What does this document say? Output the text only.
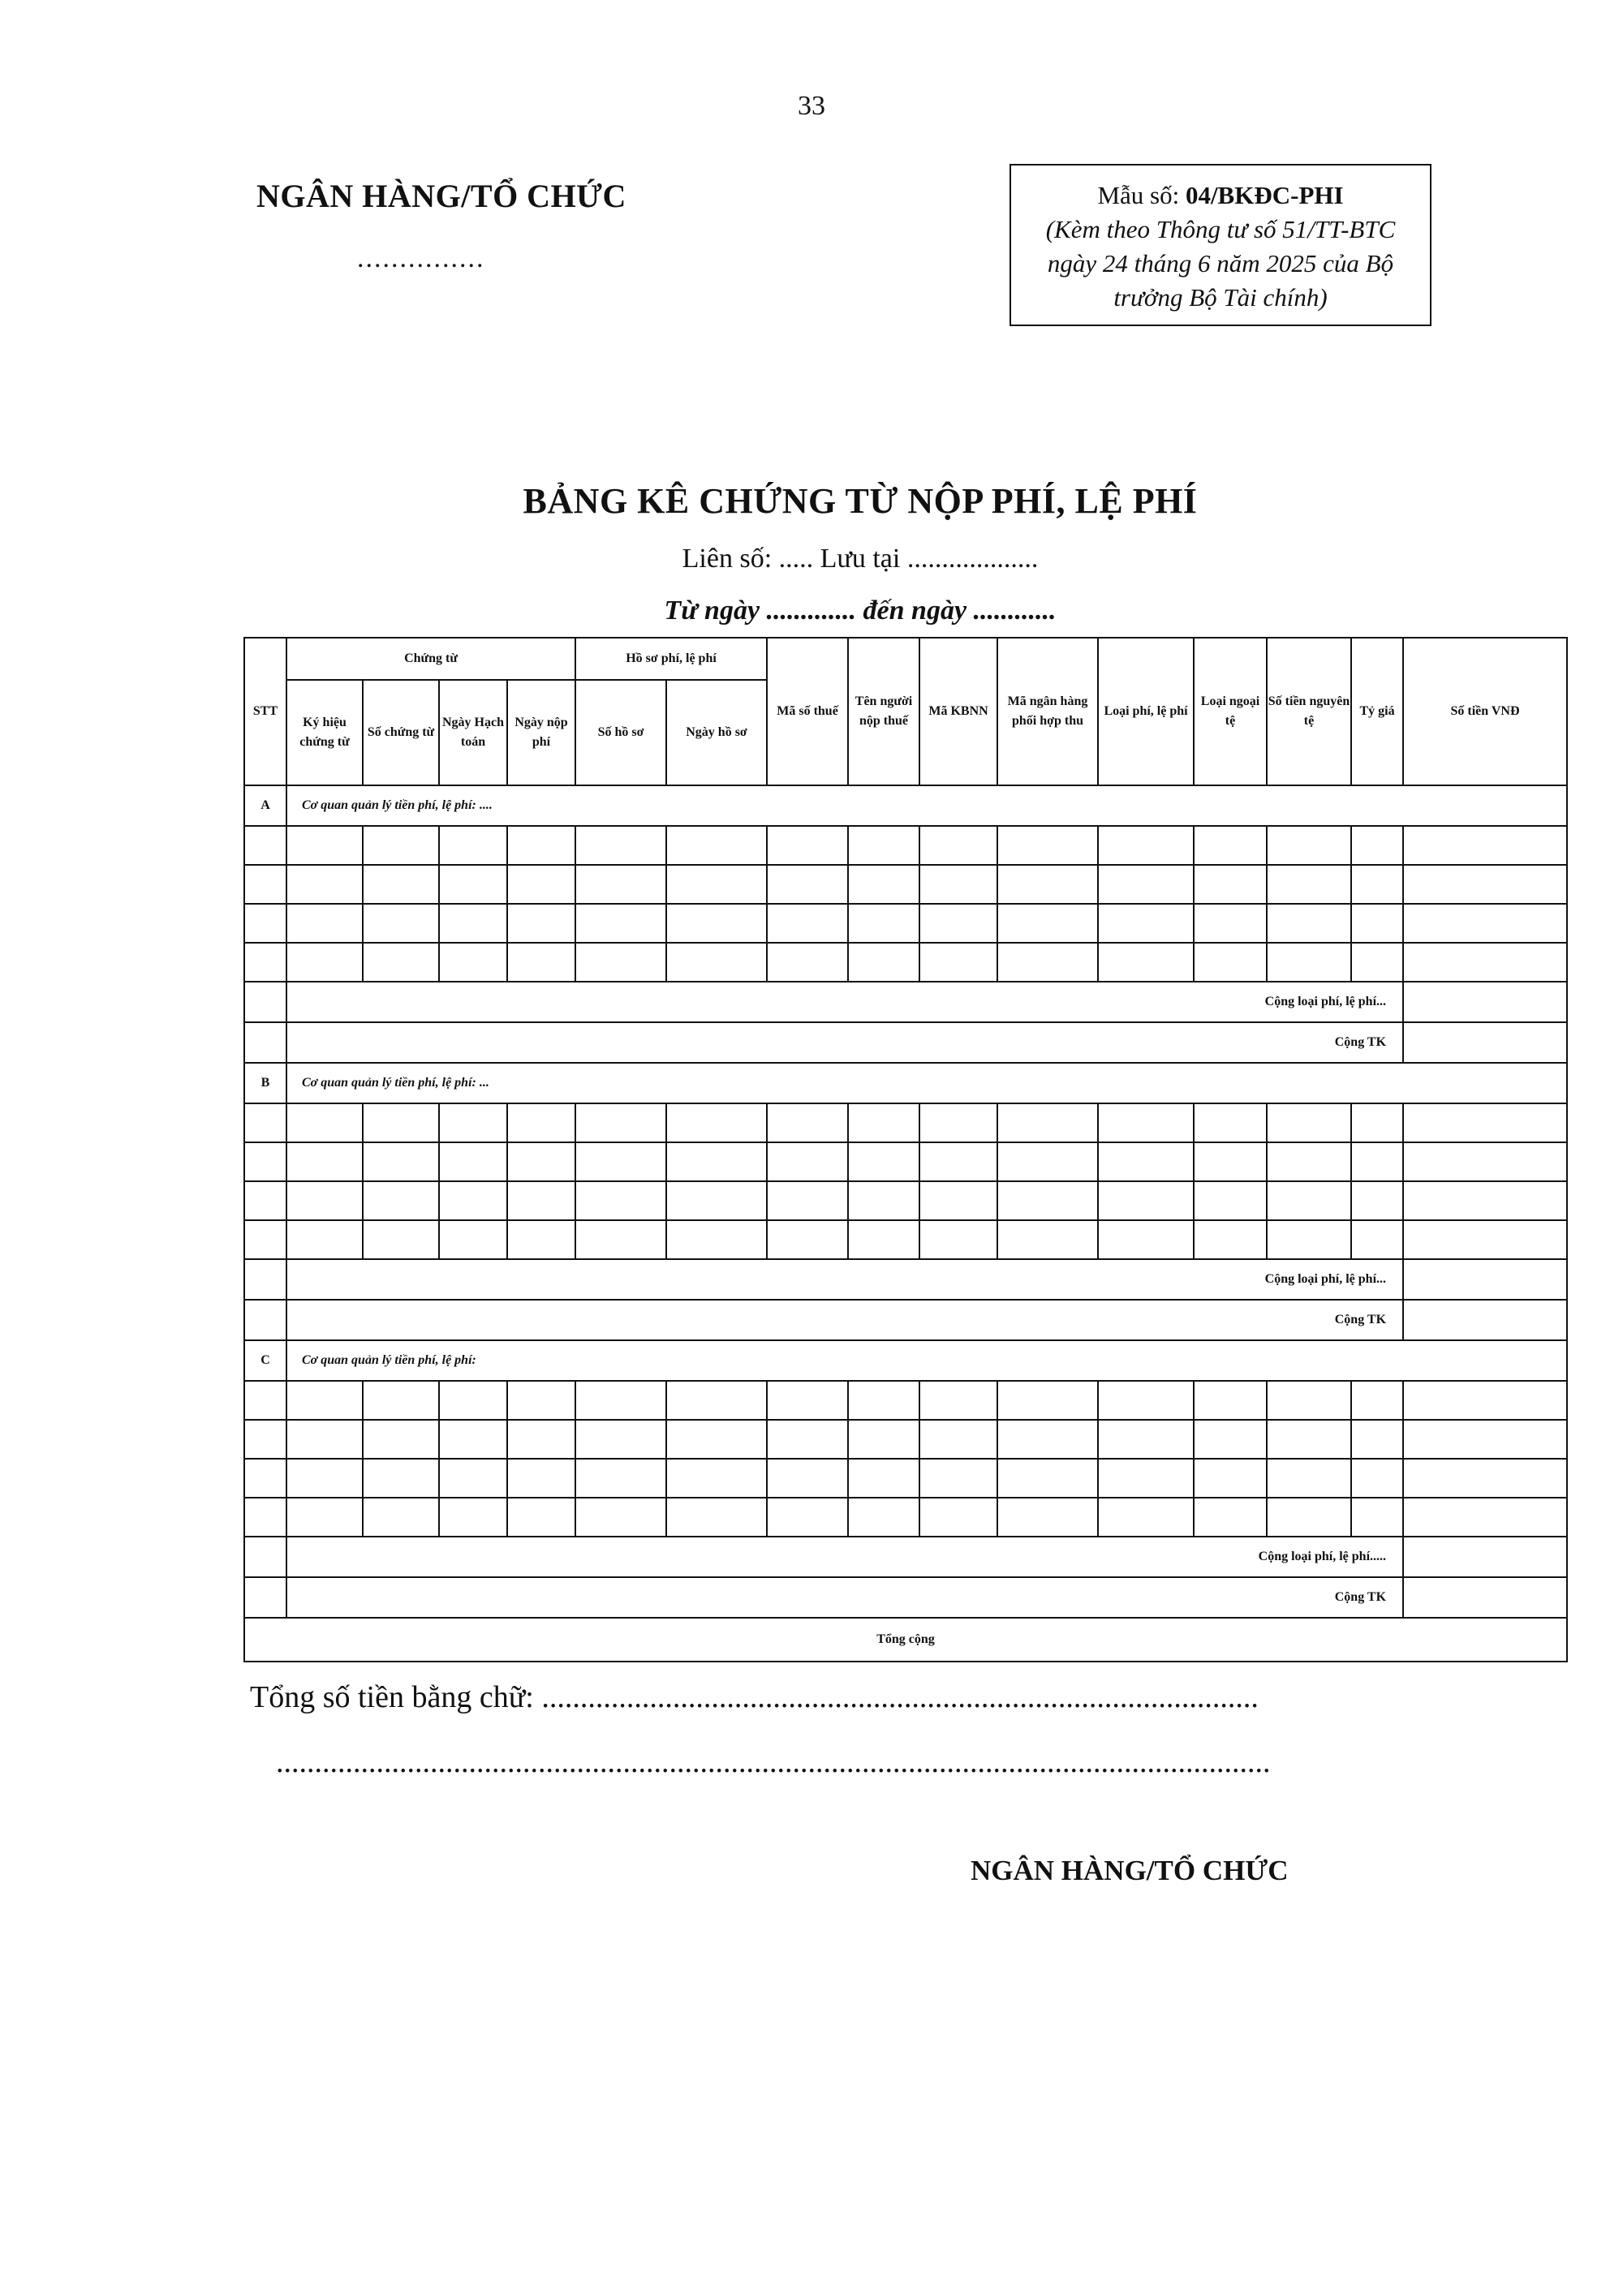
33
NGÂN HÀNG/TỔ CHỨC
...............
Mẫu số: 04/BKĐC-PHI
(Kèm theo Thông tư số 51/TT-BTC
ngày 24 tháng 6 năm 2025 của Bộ
trưởng Bộ Tài chính)
BẢNG KÊ CHỨNG TỪ NỘP PHÍ, LỆ PHÍ
Liên số: ..... Lưu tại ...................
Từ ngày ............. đến ngày ............
STT	Chứng từ				Hồ sơ phí, lệ phí		Mã số thuế	Tên người nộp thuế	Mã KBNN	Mã ngân hàng phối hợp thu	Loại phí, lệ phí	Loại ngoại tệ	Số tiền nguyên tệ	Tỷ giá	Số tiền VNĐ
	Ký hiệu chứng từ	Số chứng từ	Ngày Hạch toán	Ngày nộp phí	Số hồ sơ	Ngày hồ sơ									
A	Cơ quan quản lý tiền phí, lệ phí: ....														

	Cộng loại phí, lệ phí...														
	Cộng TK														
B	Cơ quan quản lý tiền phí, lệ phí: ...														

	Cộng loại phí, lệ phí...														
	Cộng TK														
C	Cơ quan quản lý tiền phí, lệ phí:														

	Cộng loại phí, lệ phí.....														
	Cộng TK														
Tổng cộng															
Tổng số tiền bằng chữ: .............................................................................................
.................................................................................................................................
NGÂN HÀNG/TỔ CHỨC
